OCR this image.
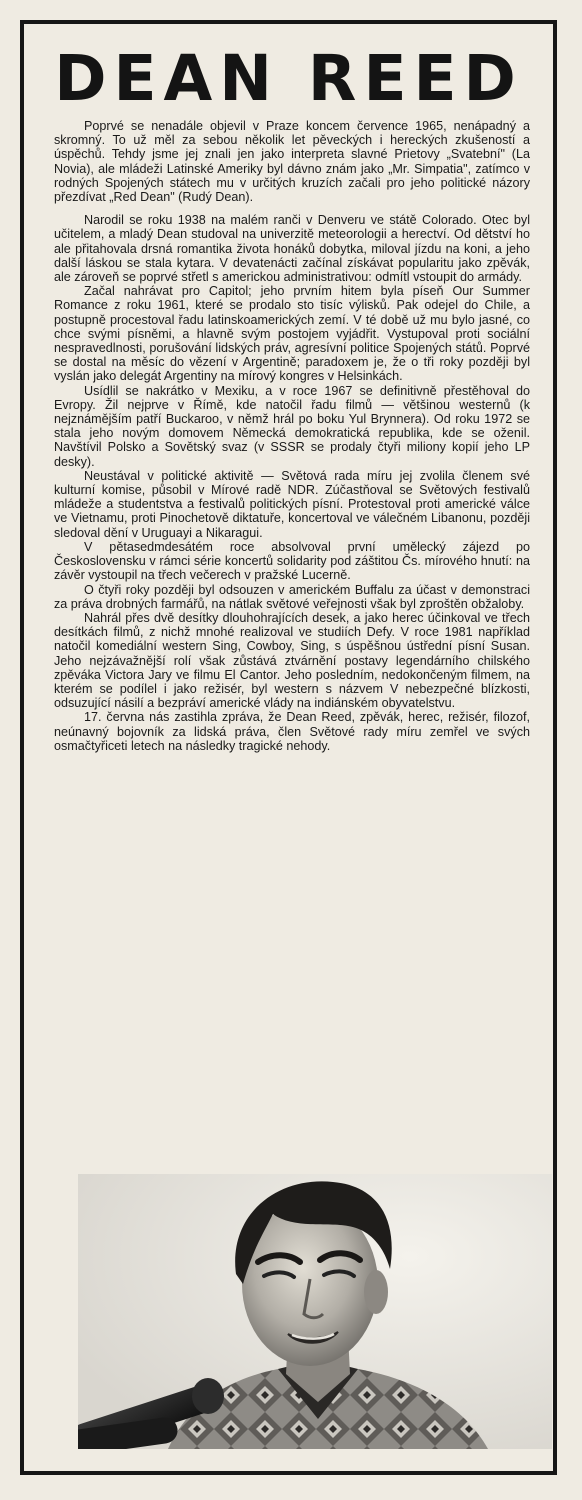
DEAN REED

Poprvé se nenadále objevil v Praze koncem července 1965, nenápadný a skromný. To už měl za sebou několik let pěveckých i hereckých zkušeností a úspěchů. Tehdy jsme jej znali jen jako interpreta slavné Prietovy „Svatební" (La Novia), ale mládeži Latinské Ameriky byl dávno znám jako „Mr. Simpatia", zatímco v rodných Spojených státech mu v určitých kruzích začali pro jeho politické názory přezdívat „Red Dean" (Rudý Dean).

Narodil se roku 1938 na malém ranči v Denveru ve státě Colorado. Otec byl učitelem, a mladý Dean studoval na univerzitě meteorologii a herectví. Od dětství ho ale přitahovala drsná romantika života honáků dobytka, miloval jízdu na koni, a jeho další láskou se stala kytara. V devatenácti začínal získávat popularitu jako zpěvák, ale zároveň se poprvé střetl s americkou administrativou: odmítl vstoupit do armády.

Začal nahrávat pro Capitol; jeho prvním hitem byla píseň Our Summer Romance z roku 1961, které se prodalo sto tisíc výlisků. Pak odejel do Chile, a postupně procestoval řadu latinskoamerických zemí. V té době už mu bylo jasné, co chce svými písněmi, a hlavně svým postojem vyjádřit. Vystupoval proti sociální nespravedlnosti, porušování lidských práv, agresívní politice Spojených států. Poprvé se dostal na měsíc do vězení v Argentině; paradoxem je, že o tři roky později byl vyslán jako delegát Argentiny na mírový kongres v Helsinkách.

Usídlil se nakrátko v Mexiku, a v roce 1967 se definitivně přestěhoval do Evropy. Žil nejprve v Římě, kde natočil řadu filmů — většinou westernů (k nejznámějším patří Buckaroo, v němž hrál po boku Yul Brynnera). Od roku 1972 se stala jeho novým domovem Německá demokratická republika, kde se oženil. Navštívil Polsko a Sovětský svaz (v SSSR se prodaly čtyři miliony kopií jeho LP desky).

Neustával v politické aktivitě — Světová rada míru jej zvolila členem své kulturní komise, působil v Mírové radě NDR. Zúčastňoval se Světových festivalů mládeže a studentstva a festivalů politických písní. Protestoval proti americké válce ve Vietnamu, proti Pinochetově diktatuře, koncertoval ve válečném Libanonu, později sledoval dění v Uruguayi a Nikaragui.

V pětasedmdesátém roce absolvoval první umělecký zájezd po Československu v rámci série koncertů solidarity pod záštitou Čs. mírového hnutí: na závěr vystoupil na třech večerech v pražské Lucerně.

O čtyři roky později byl odsouzen v americkém Buffalu za účast v demonstraci za práva drobných farmářů, na nátlak světové veřejnosti však byl zproštěn obžaloby.

Nahrál přes dvě desítky dlouhohrajících desek, a jako herec účinkoval ve třech desítkách filmů, z nichž mnohé realizoval ve studiích Defy. V roce 1981 například natočil komediální western Sing, Cowboy, Sing, s úspěšnou ústřední písní Susan. Jeho nejzávažnější rolí však zůstává ztvárnění postavy legendárního chilského zpěváka Victora Jary ve filmu El Cantor. Jeho posledním, nedokončeným filmem, na kterém se podílel i jako režisér, byl western s názvem V nebezpečné blízkosti, odsuzující násilí a bezpráví americké vlády na indiánském obyvatelstvu.

17. června nás zastihla zpráva, že Dean Reed, zpěvák, herec, režisér, filozof, neúnavný bojovník za lidská práva, člen Světové rady míru zemřel ve svých osmačtyřiceti letech na následky tragické nehody.
